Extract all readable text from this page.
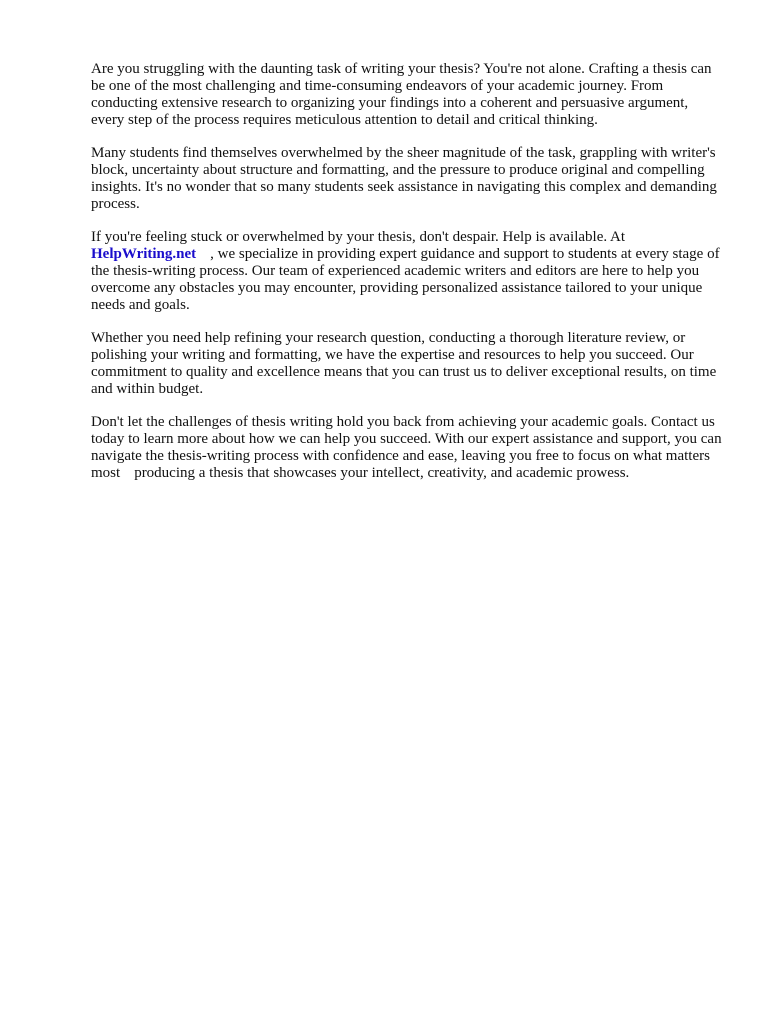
Are you struggling with the daunting task of writing your thesis? You're not alone. Crafting a thesis can be one of the most challenging and time-consuming endeavors of your academic journey. From conducting extensive research to organizing your findings into a coherent and persuasive argument, every step of the process requires meticulous attention to detail and critical thinking.

Many students find themselves overwhelmed by the sheer magnitude of the task, grappling with writer's block, uncertainty about structure and formatting, and the pressure to produce original and compelling insights. It's no wonder that so many students seek assistance in navigating this complex and demanding process.

If you're feeling stuck or overwhelmed by your thesis, don't despair. Help is available. At
HelpWriting.net , we specialize in providing expert guidance and support to students at every stage of the thesis-writing process. Our team of experienced academic writers and editors are here to help you overcome any obstacles you may encounter, providing personalized assistance tailored to your unique needs and goals.

Whether you need help refining your research question, conducting a thorough literature review, or polishing your writing and formatting, we have the expertise and resources to help you succeed. Our commitment to quality and excellence means that you can trust us to deliver exceptional results, on time and within budget.

Don't let the challenges of thesis writing hold you back from achieving your academic goals. Contact us today to learn more about how we can help you succeed. With our expert assistance and support, you can navigate the thesis-writing process with confidence and ease, leaving you free to focus on what matters most producing a thesis that showcases your intellect, creativity, and academic prowess.
